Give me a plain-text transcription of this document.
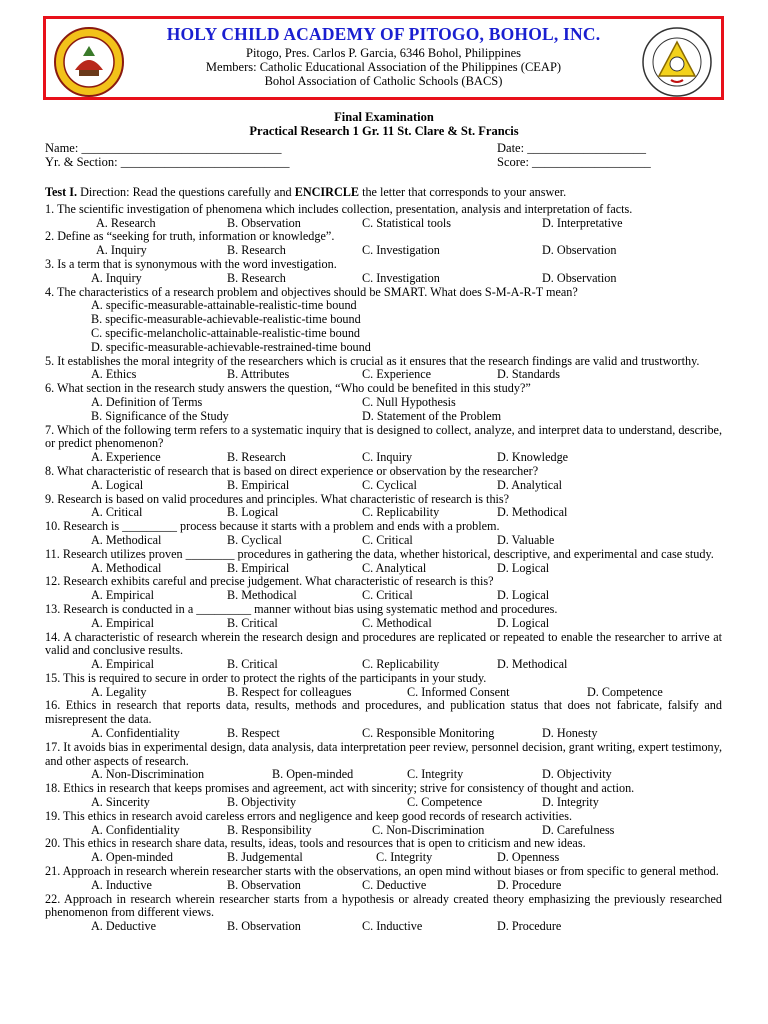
HOLY CHILD ACADEMY OF PITOGO, BOHOL, INC.
Pitogo, Pres. Carlos P. Garcia, 6346 Bohol, Philippines
Members: Catholic Educational Association of the Philippines (CEAP)
Bohol Association of Catholic Schools (BACS)
Final Examination
Practical Research 1 Gr. 11 St. Clare & St. Francis
Name: ________________________________
Yr. & Section: ___________________________
Date: ___________________
Score: ___________________

Test I. Direction: Read the questions carefully and ENCIRCLE the letter that corresponds to your answer.

1. The scientific investigation of phenomena which includes collection, presentation, analysis and interpretation of facts.

A. Research	B. Observation	C. Statistical tools	D. Interpretative

2. Define as “seeking for truth, information or knowledge”.

A. Inquiry	B. Research	C. Investigation	D. Observation

3. Is a term that is synonymous with the word investigation.

A. Inquiry	B. Research	C. Investigation	D. Observation

4. The characteristics of a research problem and objectives should be SMART. What does S-M-A-R-T mean?

A. specific-measurable-attainable-realistic-time bound

B. specific-measurable-achievable-realistic-time bound

C. specific-melancholic-attainable-realistic-time bound

D. specific-measurable-achievable-restrained-time bound

5. It establishes the moral integrity of the researchers which is crucial as it ensures that the research findings are valid and trustworthy.

A. Ethics	B. Attributes	C. Experience	D. Standards

6. What section in the research study answers the question, “Who could be benefited in this study?”

A. Definition of Terms	C. Null Hypothesis
B. Significance of the Study	D. Statement of the Problem

7. Which of the following term refers to a systematic inquiry that is designed to collect, analyze, and interpret data to understand, describe, or predict phenomenon?

A. Experience	B. Research	C. Inquiry	D. Knowledge

8. What characteristic of research that is based on direct experience or observation by the researcher?

A. Logical	B. Empirical	C. Cyclical	D. Analytical

9. Research is based on valid procedures and principles. What characteristic of research is this?

A. Critical	B. Logical	C. Replicability	D. Methodical

10. Research is _________ process because it starts with a problem and ends with a problem.

A. Methodical	B. Cyclical	C. Critical	D. Valuable

11. Research utilizes proven ________ procedures in gathering the data, whether historical, descriptive, and experimental and case study.

A. Methodical	B. Empirical	C. Analytical	D. Logical

12. Research exhibits careful and precise judgement. What characteristic of research is this?

A. Empirical	B. Methodical	C. Critical	D. Logical

13. Research is conducted in a _________ manner without bias using systematic method and procedures.

A. Empirical	B. Critical	C. Methodical	D. Logical

14. A characteristic of research wherein the research design and procedures are replicated or repeated to enable the researcher to arrive at valid and conclusive results.

A. Empirical	B. Critical	C. Replicability	D. Methodical

15. This is required to secure in order to protect the rights of the participants in your study.

A. Legality	B. Respect for colleagues	C. Informed Consent	D. Competence

16. Ethics in research that reports data, results, methods and procedures, and publication status that does not fabricate, falsify and misrepresent the data.

A. Confidentiality	B. Respect	C. Responsible Monitoring	D. Honesty

17. It avoids bias in experimental design, data analysis, data interpretation peer review, personnel decision, grant writing, expert testimony, and other aspects of research.

A. Non-Discrimination	B. Open-minded	C. Integrity	D. Objectivity

18. Ethics in research that keeps promises and agreement, act with sincerity; strive for consistency of thought and action.

A. Sincerity	B. Objectivity	C. Competence	D. Integrity

19. This ethics in research avoid careless errors and negligence and keep good records of research activities.

A. Confidentiality	B. Responsibility	C. Non-Discrimination	D. Carefulness

20. This ethics in research share data, results, ideas, tools and resources that is open to criticism and new ideas.

A. Open-minded	B. Judgemental	C. Integrity	D. Openness

21. Approach in research wherein researcher starts with the observations, an open mind without biases or from specific to general method.

A. Inductive	B. Observation	C. Deductive	D. Procedure

22. Approach in research wherein researcher starts from a hypothesis or already created theory emphasizing the previously researched phenomenon from different views.

A. Deductive	B. Observation	C. Inductive	D. Procedure
